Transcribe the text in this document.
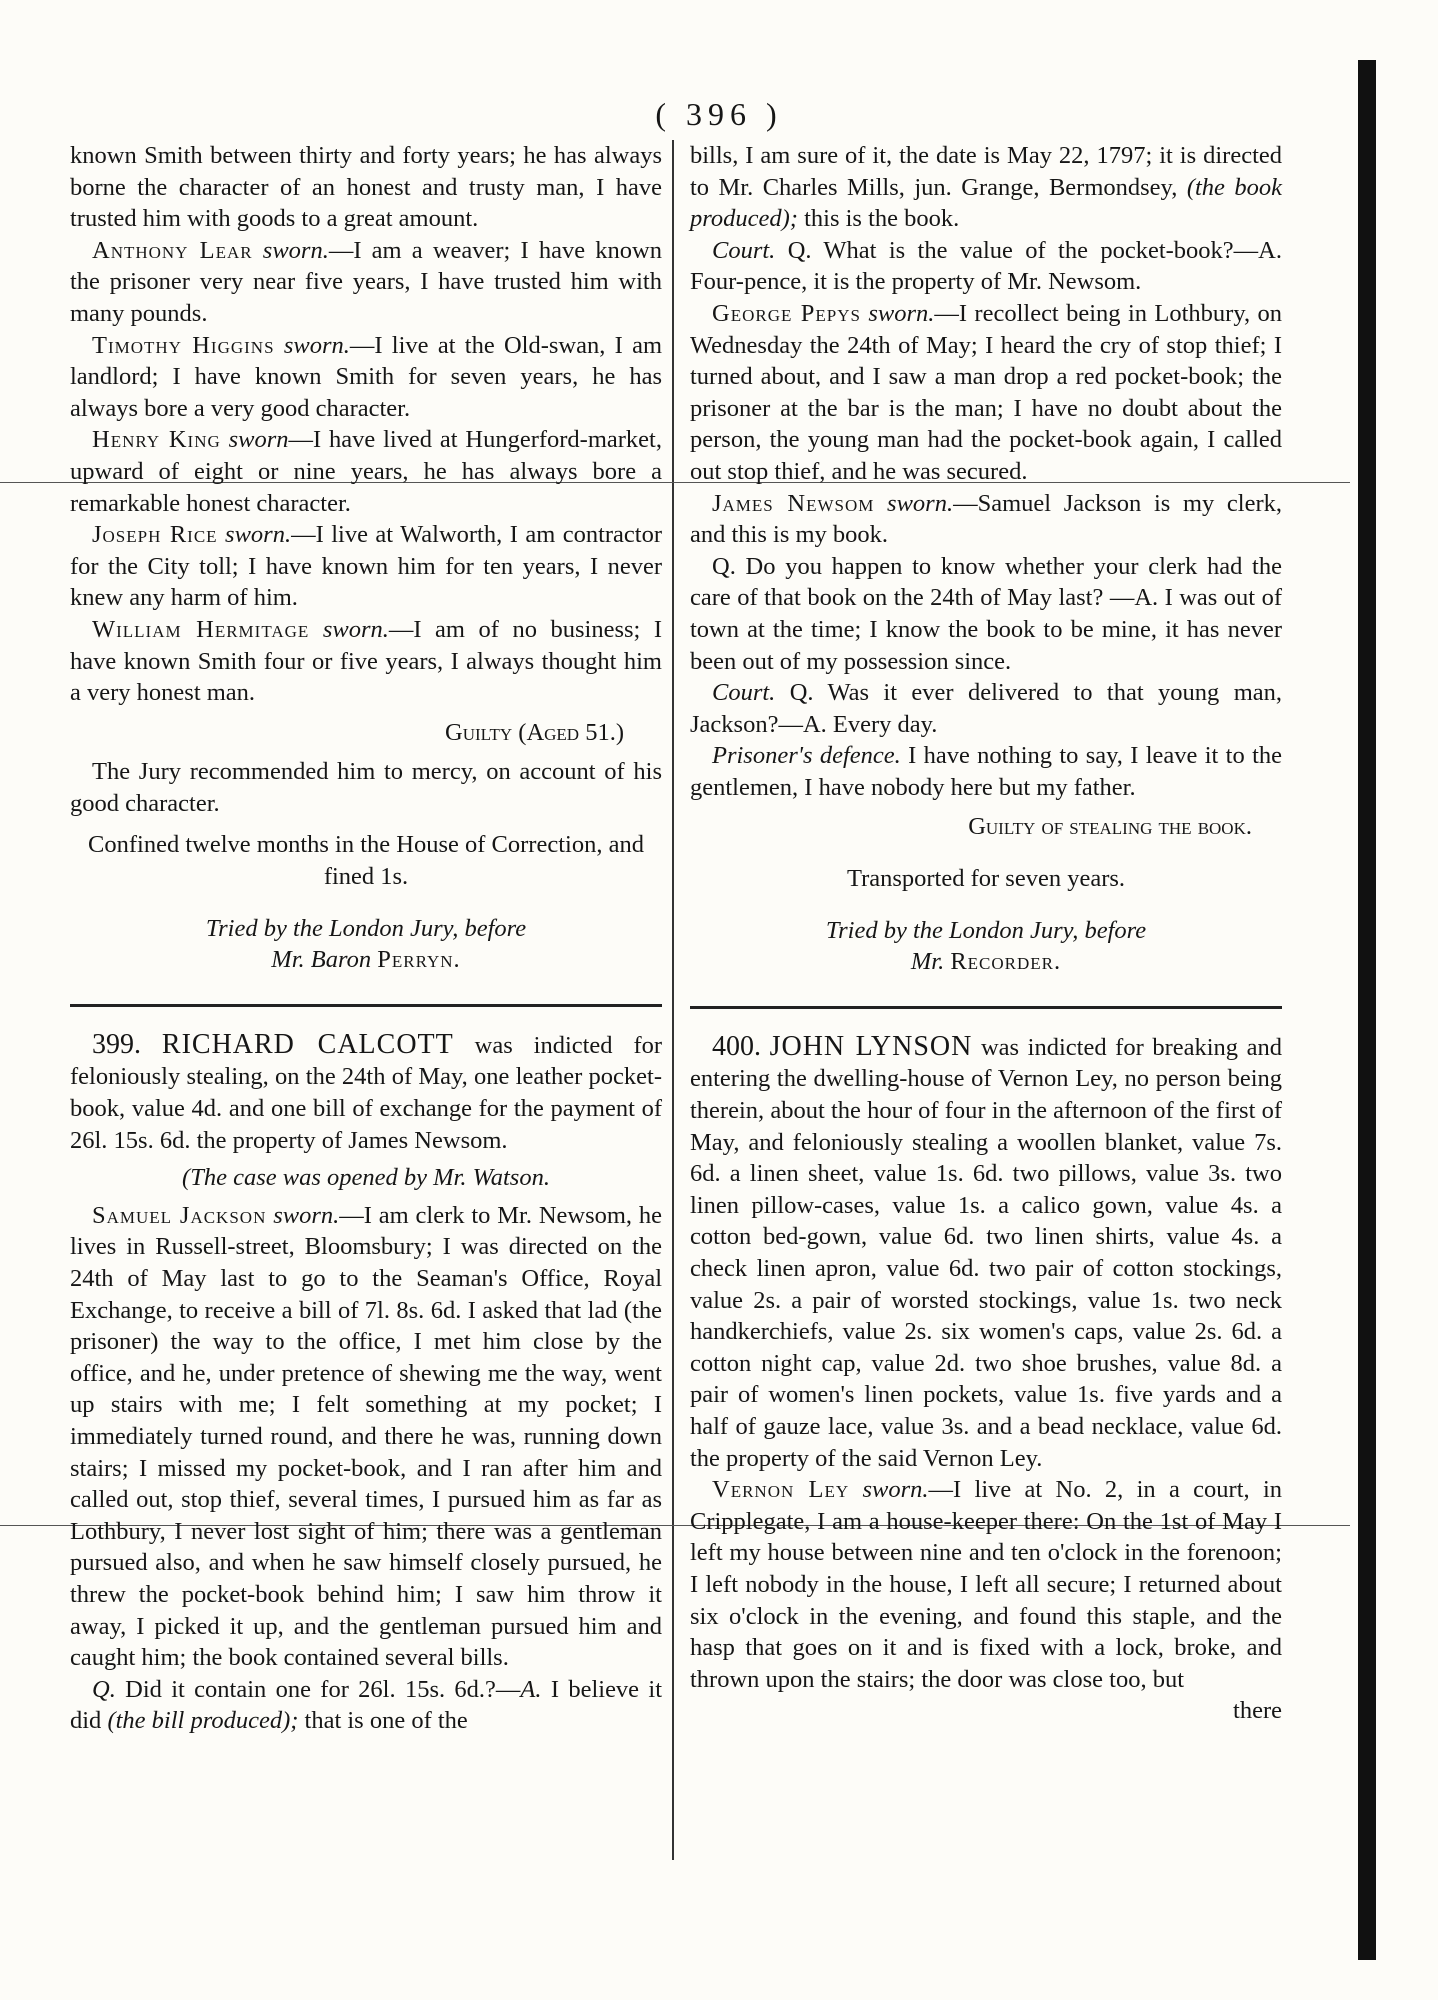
( 396 )

known Smith between thirty and forty years; he has always borne the character of an honest and trusty man, I have trusted him with goods to a great amount.

Anthony Lear sworn.—I am a weaver; I have known the prisoner very near five years, I have trusted him with many pounds.

Timothy Higgins sworn.—I live at the Old-swan, I am landlord; I have known Smith for seven years, he has always bore a very good character.

Henry King sworn—I have lived at Hungerford-market, upward of eight or nine years, he has always bore a remarkable honest character.

Joseph Rice sworn.—I live at Walworth, I am contractor for the City toll; I have known him for ten years, I never knew any harm of him.

William Hermitage sworn.—I am of no business; I have known Smith four or five years, I always thought him a very honest man.

Guilty (Aged 51.)

The Jury recommended him to mercy, on account of his good character.

Confined twelve months in the House of Correction, and fined 1s.

Tried by the London Jury, before

Mr. Baron Perryn.

399. RICHARD CALCOTT was indicted for feloniously stealing, on the 24th of May, one leather pocket-book, value 4d. and one bill of exchange for the payment of 26l. 15s. 6d. the property of James Newsom.

(The case was opened by Mr. Watson.

Samuel Jackson sworn.—I am clerk to Mr. Newsom, he lives in Russell-street, Bloomsbury; I was directed on the 24th of May last to go to the Seaman's Office, Royal Exchange, to receive a bill of 7l. 8s. 6d. I asked that lad (the prisoner) the way to the office, I met him close by the office, and he, under pretence of shewing me the way, went up stairs with me; I felt something at my pocket; I immediately turned round, and there he was, running down stairs; I missed my pocket-book, and I ran after him and called out, stop thief, several times, I pursued him as far as Lothbury, I never lost sight of him; there was a gentleman pursued also, and when he saw himself closely pursued, he threw the pocket-book behind him; I saw him throw it away, I picked it up, and the gentleman pursued him and caught him; the book contained several bills.

Q. Did it contain one for 26l. 15s. 6d.?—A. I believe it did (the bill produced); that is one of the

bills, I am sure of it, the date is May 22, 1797; it is directed to Mr. Charles Mills, jun. Grange, Bermondsey, (the book produced); this is the book.

Court. Q. What is the value of the pocket-book?—A. Four-pence, it is the property of Mr. Newsom.

George Pepys sworn.—I recollect being in Lothbury, on Wednesday the 24th of May; I heard the cry of stop thief; I turned about, and I saw a man drop a red pocket-book; the prisoner at the bar is the man; I have no doubt about the person, the young man had the pocket-book again, I called out stop thief, and he was secured.

James Newsom sworn.—Samuel Jackson is my clerk, and this is my book.

Q. Do you happen to know whether your clerk had the care of that book on the 24th of May last? —A. I was out of town at the time; I know the book to be mine, it has never been out of my possession since.

Court. Q. Was it ever delivered to that young man, Jackson?—A. Every day.

Prisoner's defence. I have nothing to say, I leave it to the gentlemen, I have nobody here but my father.

Guilty of stealing the book.

Transported for seven years.

Tried by the London Jury, before

Mr. Recorder.

400. JOHN LYNSON was indicted for breaking and entering the dwelling-house of Vernon Ley, no person being therein, about the hour of four in the afternoon of the first of May, and feloniously stealing a woollen blanket, value 7s. 6d. a linen sheet, value 1s. 6d. two pillows, value 3s. two linen pillow-cases, value 1s. a calico gown, value 4s. a cotton bed-gown, value 6d. two linen shirts, value 4s. a check linen apron, value 6d. two pair of cotton stockings, value 2s. a pair of worsted stockings, value 1s. two neck handkerchiefs, value 2s. six women's caps, value 2s. 6d. a cotton night cap, value 2d. two shoe brushes, value 8d. a pair of women's linen pockets, value 1s. five yards and a half of gauze lace, value 3s. and a bead necklace, value 6d. the property of the said Vernon Ley.

Vernon Ley sworn.—I live at No. 2, in a court, in Cripplegate, I am a house-keeper there: On the 1st of May I left my house between nine and ten o'clock in the forenoon; I left nobody in the house, I left all secure; I returned about six o'clock in the evening, and found this staple, and the hasp that goes on it and is fixed with a lock, broke, and thrown upon the stairs; the door was close too, but

there
